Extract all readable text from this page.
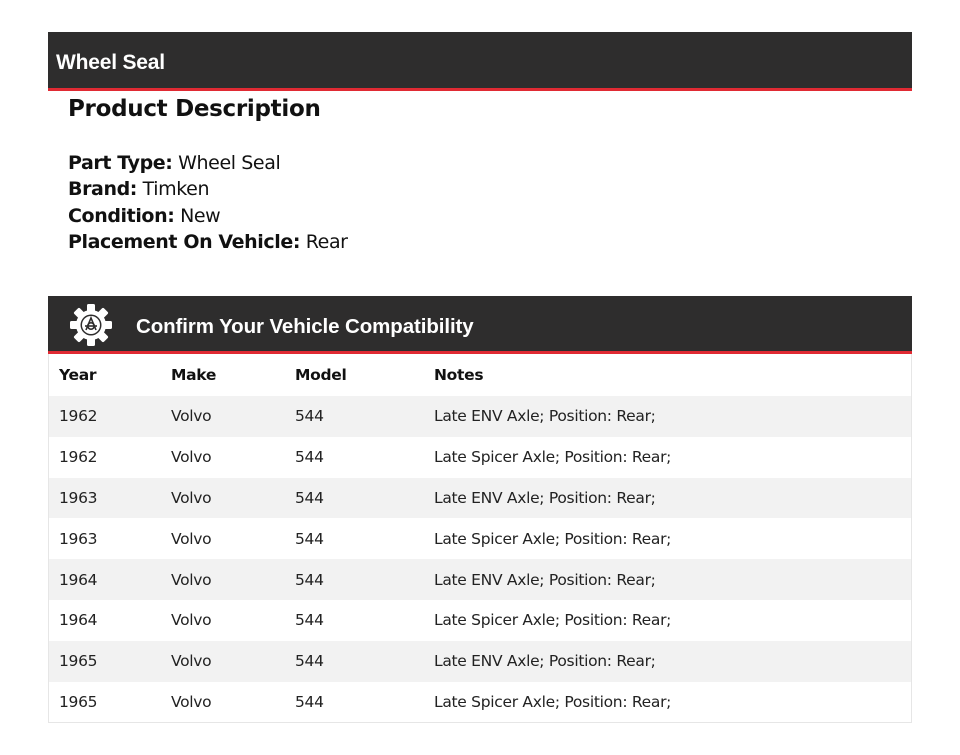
Wheel Seal
Product Description
Part Type: Wheel Seal
Brand: Timken
Condition: New
Placement On Vehicle: Rear
Confirm Your Vehicle Compatibility
Year	Make	Model	Notes
1962	Volvo	544	Late ENV Axle; Position: Rear;
1962	Volvo	544	Late Spicer Axle; Position: Rear;
1963	Volvo	544	Late ENV Axle; Position: Rear;
1963	Volvo	544	Late Spicer Axle; Position: Rear;
1964	Volvo	544	Late ENV Axle; Position: Rear;
1964	Volvo	544	Late Spicer Axle; Position: Rear;
1965	Volvo	544	Late ENV Axle; Position: Rear;
1965	Volvo	544	Late Spicer Axle; Position: Rear;
